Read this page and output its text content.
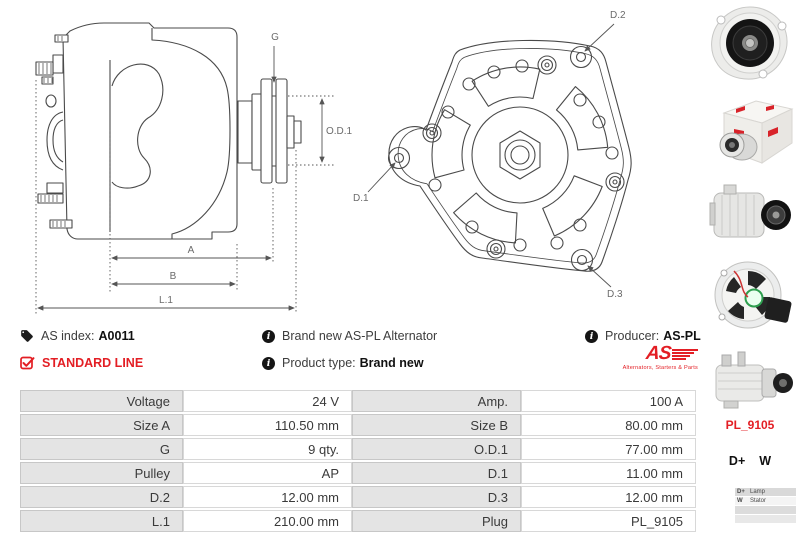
G
O.D.1
A
B
L.1
D.2
D.1
D.3
AS index: A0011	i Brand new AS-PL Alternator	i Producer: AS-PL
STANDARD LINE	i Product type: Brand new	AS
Alternators, Starters & Parts
Voltage	24 V	Amp.	100 A
Size A	110.50 mm	Size B	80.00 mm
G	9 qty.	O.D.1	77.00 mm
Pulley	AP	D.1	11.00 mm
D.2	12.00 mm	D.3	12.00 mm
L.1	210.00 mm	Plug	PL_9105
PL_9105
D+ W
D+ Lamp
W	Stator
